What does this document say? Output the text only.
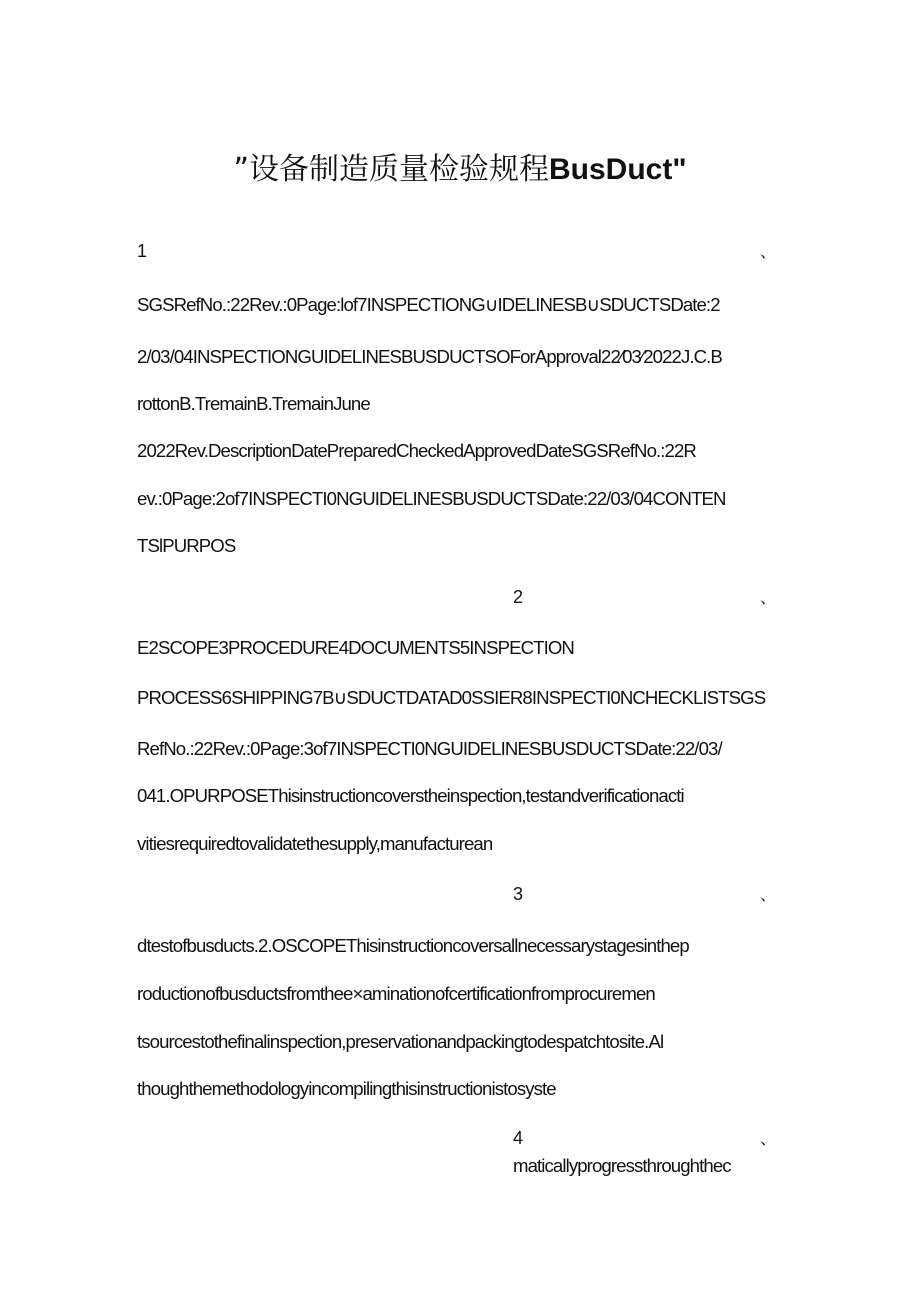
”设备制造质量检验规程BusDuct"
1	、
SGSRefNo.:22Rev.:0Page:lof7INSPECTIONG∪IDELINESB∪SDUCTSDate:2
2/03/04INSPECTIONGUIDELINESBUSDUCTSOForApproval22⁄03⁄2022J.C.B
rottonB.TremainB.TremainJune
2022Rev.DescriptionDatePreparedCheckedApprovedDateSGSRefNo.:22R
ev.:0Page:2of7INSPECTI0NGUIDELINESBUSDUCTSDate:22/03/04CONTEN
TSlPURPOS
2	、
E2SCOPE3PROCEDURE4DOCUMENTS5INSPECTION
PROCESS6SHIPPING7B∪SDUCTDATAD0SSIER8INSPECTI0NCHECKLISTSGS
RefNo.:22Rev.:0Page:3of7INSPECTI0NGUIDELINESBUSDUCTSDate:22/03/
041.OPURPOSEThisinstructioncoverstheinspection,testandverificationacti
vitiesrequiredtovalidatethesupply,manufacturean
3	、
dtestofbusducts.2.OSCOPEThisinstructioncoversallnecessarystagesinthep
roductionofbusductsfromthee×aminationofcertificationfromprocuremen
tsourcestothefinalinspection,preservationandpackingtodespatchtosite.Al
thoughthemethodologyincompilingthisinstructionistosyste
4	、
maticallyprogressthroughthec
